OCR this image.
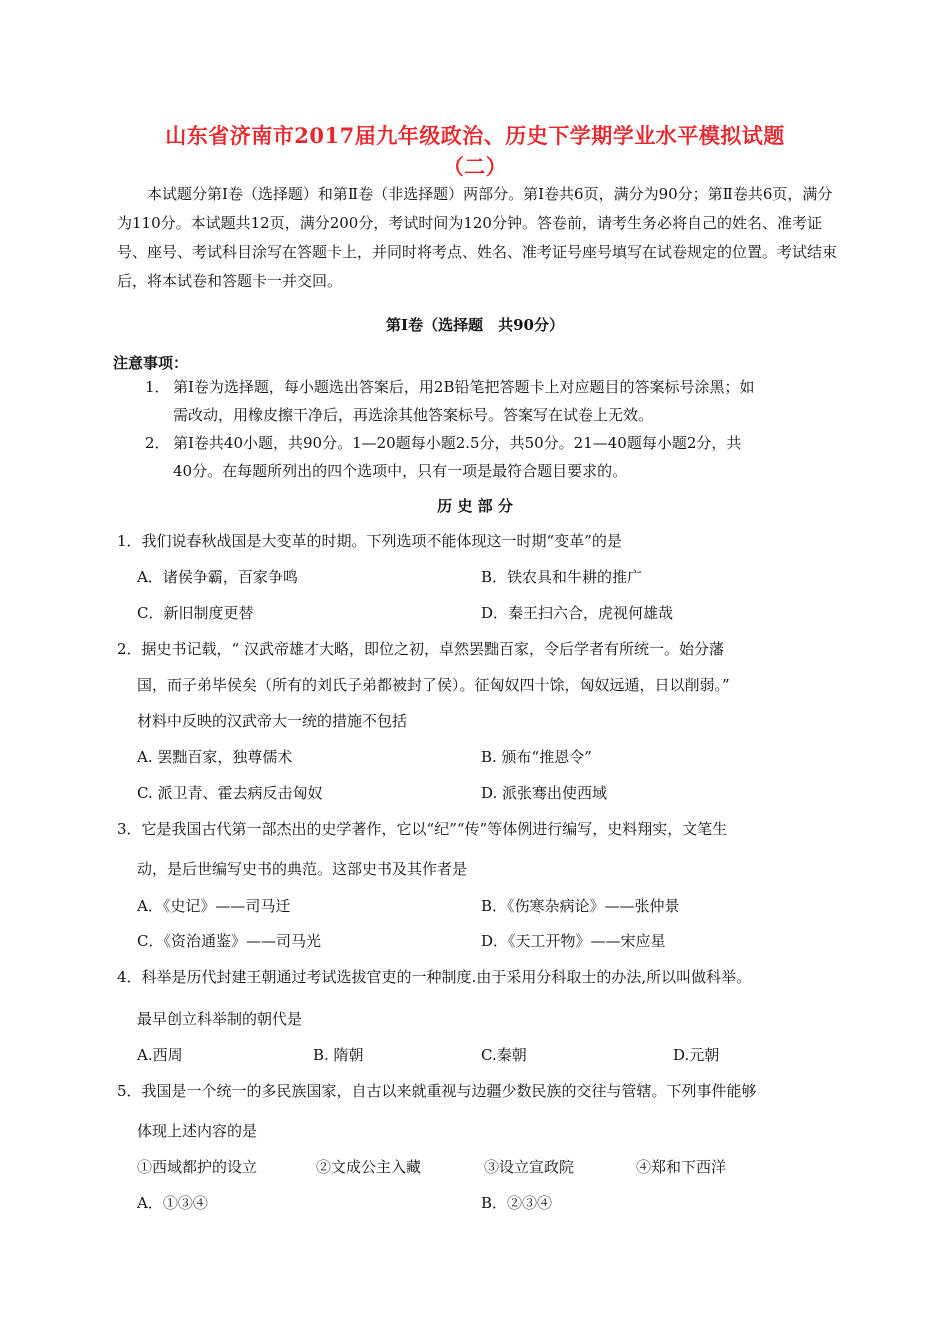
山东省济南市2017届九年级政治、历史下学期学业水平模拟试题
（二）
本试题分第Ⅰ卷（选择题）和第Ⅱ卷（非选择题）两部分。第Ⅰ卷共6页，满分为90分；第Ⅱ卷共6页，满分为110分。本试题共12页，满分200分，考试时间为120分钟。答卷前，请考生务必将自己的姓名、准考证号、座号、考试科目涂写在答题卡上，并同时将考点、姓名、准考证号座号填写在试卷规定的位置。考试结束后，将本试卷和答题卡一并交回。
第Ⅰ卷（选择题　共90分）
注意事项：
1． 第Ⅰ卷为选择题，每小题选出答案后，用2B铅笔把答题卡上对应题目的答案标号涂黑；如
需改动，用橡皮擦干净后，再选涂其他答案标号。答案写在试卷上无效。
2． 第Ⅰ卷共40小题，共90分。1—20题每小题2.5分，共50分。21—40题每小题2分，共
40分。在每题所列出的四个选项中，只有一项是最符合题目要求的。
历 史 部 分
1．我们说春秋战国是大变革的时期。下列选项不能体现这一时期“变革”的是
A．诸侯争霸，百家争鸣	B．铁农具和牛耕的推广
C．新旧制度更替	D．秦王扫六合，虎视何雄哉
2．据史书记载，“ 汉武帝雄才大略，即位之初，卓然罢黜百家，令后学者有所统一。始分藩
国，而子弟毕侯矣（所有的刘氏子弟都被封了侯）。征匈奴四十馀，匈奴远遁，日以削弱。”
材料中反映的汉武帝大一统的措施不包括
A. 罢黜百家，独尊儒术	B. 颁布“推恩令”
C. 派卫青、霍去病反击匈奴	D. 派张骞出使西域
3．它是我国古代第一部杰出的史学著作，它以“纪”“传”等体例进行编写，史料翔实，文笔生
动，是后世编写史书的典范。这部史书及其作者是
A．《史记》——司马迁	B．《伤寒杂病论》——张仲景
C．《资治通鉴》——司马光	D．《天工开物》——宋应星
4．科举是历代封建王朝通过考试选拔官吏的一种制度.由于采用分科取士的办法,所以叫做科举。
最早创立科举制的朝代是
A.西周	B. 隋朝	C.秦朝	D.元朝
5．我国是一个统一的多民族国家，自古以来就重视与边疆少数民族的交往与管辖。下列事件能够
体现上述内容的是
①西域都护的设立	②文成公主入藏	③设立宣政院	④郑和下西洋
A．①③④	B．②③④
